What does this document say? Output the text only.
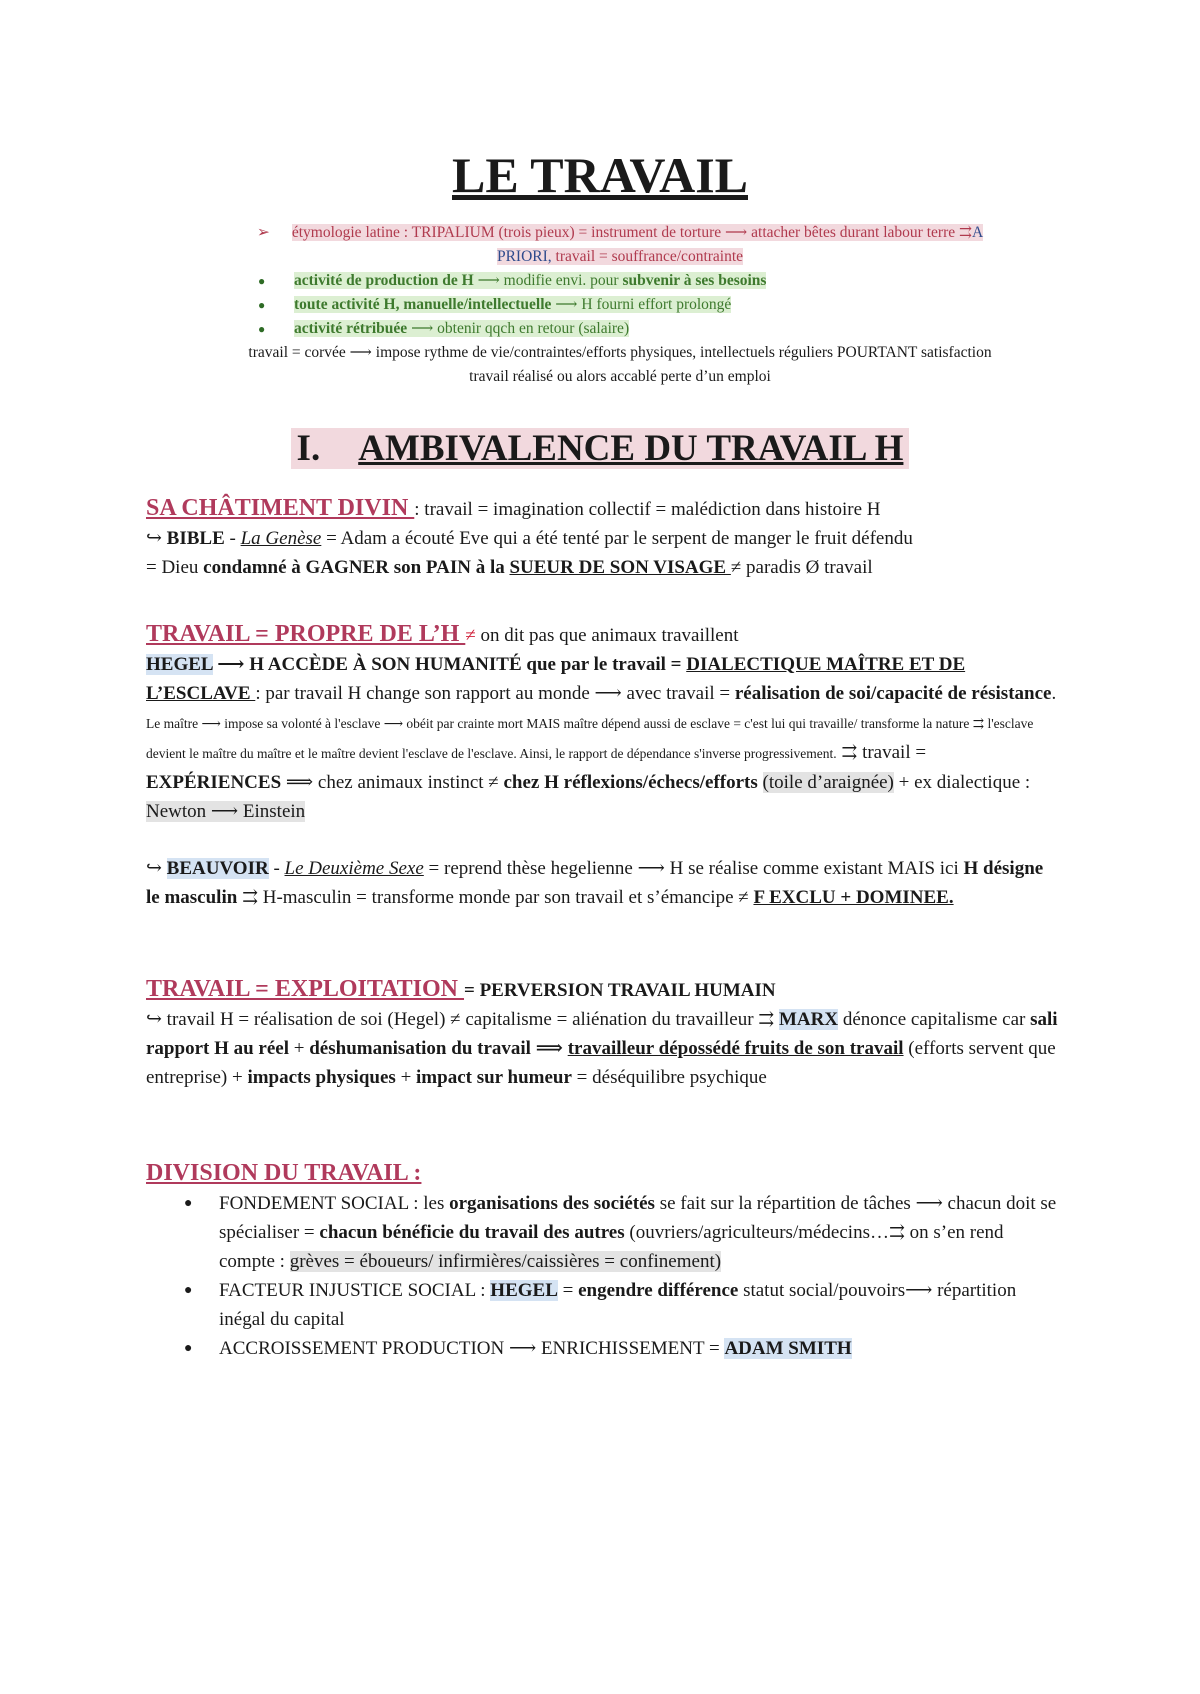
LE TRAVAIL
➢ étymologie latine : TRIPALIUM (trois pieux) = instrument de torture ⟶ attacher bêtes durant labour terre ⇉A
PRIORI, travail = souffrance/contrainte
● activité de production de H ⟶ modifie envi. pour subvenir à ses besoins
● toute activité H, manuelle/intellectuelle ⟶ H fourni effort prolongé
● activité rétribuée ⟶ obtenir qqch en retour (salaire)
travail = corvée ⟶ impose rythme de vie/contraintes/efforts physiques, intellectuels réguliers POURTANT satisfaction
travail réalisé ou alors accablé perte d’un emploi
I. AMBIVALENCE DU TRAVAIL H

SA CHÂTIMENT DIVIN : travail = imagination collectif = malédiction dans histoire H

↪ BIBLE - La Genèse = Adam a écouté Eve qui a été tenté par le serpent de manger le fruit défendu

= Dieu condamné à GAGNER son PAIN à la SUEUR DE SON VISAGE ≠ paradis Ø travail

TRAVAIL = PROPRE DE L’H ≠ on dit pas que animaux travaillent

HEGEL ⟶ H ACCÈDE À SON HUMANITÉ que par le travail = DIALECTIQUE MAÎTRE ET DE L’ESCLAVE : par travail H change son rapport au monde ⟶ avec travail = réalisation de soi/capacité de résistance. Le maître ⟶ impose sa volonté à l'esclave ⟶ obéit par crainte mort MAIS maître dépend aussi de esclave = c'est lui qui travaille/ transforme la nature ⇉ l'esclave devient le maître du maître et le maître devient l'esclave de l'esclave. Ainsi, le rapport de dépendance s'inverse progressivement. ⇉ travail = EXPÉRIENCES ⟹ chez animaux instinct ≠ chez H réflexions/échecs/efforts (toile d’araignée) + ex dialectique : Newton ⟶ Einstein

↪ BEAUVOIR - Le Deuxième Sexe = reprend thèse hegelienne ⟶ H se réalise comme existant MAIS ici H désigne le masculin ⇉ H-masculin = transforme monde par son travail et s’émancipe ≠ F EXCLU + DOMINEE.

TRAVAIL = EXPLOITATION = PERVERSION TRAVAIL HUMAIN

↪ travail H = réalisation de soi (Hegel) ≠ capitalisme = aliénation du travailleur ⇉ MARX dénonce capitalisme car sali rapport H au réel + déshumanisation du travail ⟹ travailleur dépossédé fruits de son travail (efforts servent que entreprise) + impacts physiques + impact sur humeur = déséquilibre psychique

DIVISION DU TRAVAIL :

● FONDEMENT SOCIAL : les organisations des sociétés se fait sur la répartition de tâches ⟶ chacun doit se spécialiser = chacun bénéficie du travail des autres (ouvriers/agriculteurs/médecins…⇉ on s’en rend compte : grèves = éboueurs/ infirmières/caissières = confinement)
● FACTEUR INJUSTICE SOCIAL : HEGEL = engendre différence statut social/pouvoirs⟶ répartition inégal du capital
● ACCROISSEMENT PRODUCTION ⟶ ENRICHISSEMENT = ADAM SMITH
